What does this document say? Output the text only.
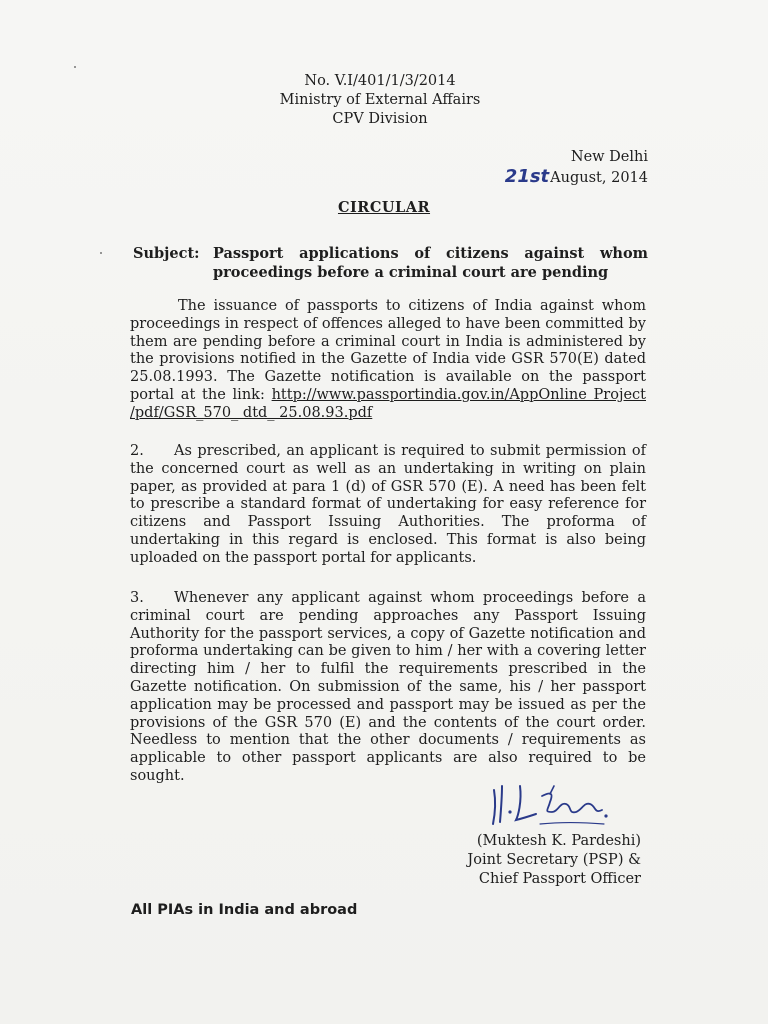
No. V.I/401/1/3/2014
Ministry of External Affairs
CPV Division
New Delhi
21stAugust, 2014
CIRCULAR
Subject: Passport applications of citizens against whom
proceedings before a criminal court are pending
The issuance of passports to citizens of India against whom proceedings in respect of offences alleged to have been committed by them are pending before a criminal court in India is administered by the provisions notified in the Gazette of India vide GSR 570(E) dated 25.08.1993. The Gazette notification is available on the passport portal at the link: http://www.passportindia.gov.in/AppOnline Project /pdf/GSR_570_ dtd_ 25.08.93.pdf
2. As prescribed, an applicant is required to submit permission of the concerned court as well as an undertaking in writing on plain paper, as provided at para 1 (d) of GSR 570 (E). A need has been felt to prescribe a standard format of undertaking for easy reference for citizens and Passport Issuing Authorities. The proforma of undertaking in this regard is enclosed. This format is also being uploaded on the passport portal for applicants.
3. Whenever any applicant against whom proceedings before a criminal court are pending approaches any Passport Issuing Authority for the passport services, a copy of Gazette notification and proforma undertaking can be given to him / her with a covering letter directing him / her to fulfil the requirements prescribed in the Gazette notification. On submission of the same, his / her passport application may be processed and passport may be issued as per the provisions of the GSR 570 (E) and the contents of the court order. Needless to mention that the other documents / requirements as applicable to other passport applicants are also required to be sought.
(Muktesh K. Pardeshi)
Joint Secretary (PSP) &
Chief Passport Officer
All PIAs in India and abroad
